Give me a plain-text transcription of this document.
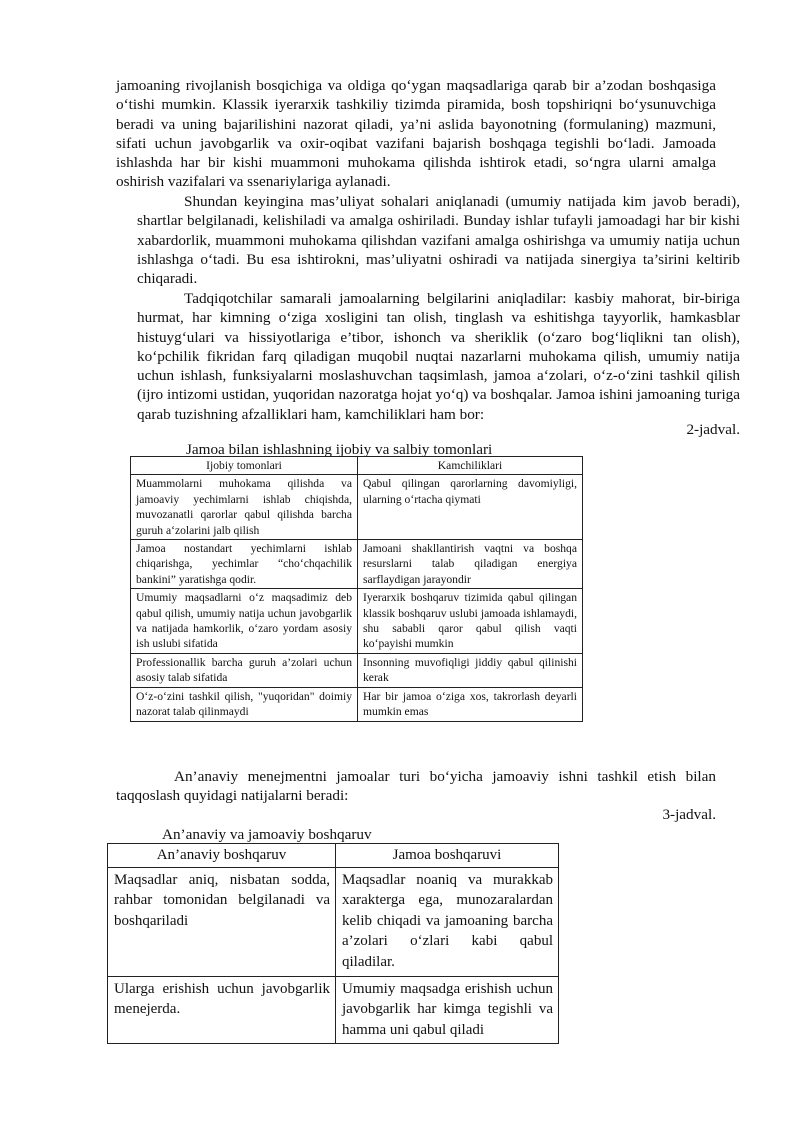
jamoaning rivojlanish bosqichiga va oldiga qo‘ygan maqsadlariga qarab bir a’zodan boshqasiga o‘tishi mumkin. Klassik iyerarxik tashkiliy tizimda piramida, bosh topshiriqni bo‘ysunuvchiga beradi va uning bajarilishini nazorat qiladi, ya’ni aslida bayonotning (formulaning) mazmuni, sifati uchun javobgarlik va oxir-oqibat vazifani bajarish boshqaga tegishli bo‘ladi. Jamoada ishlashda har bir kishi muammoni muhokama qilishda ishtirok etadi, so‘ngra ularni amalga oshirish vazifalari va ssenariylariga aylanadi.

Shundan keyingina mas’uliyat sohalari aniqlanadi (umumiy natijada kim javob beradi), shartlar belgilanadi, kelishiladi va amalga oshiriladi. Bunday ishlar tufayli jamoadagi har bir kishi xabardorlik, muammoni muhokama qilishdan vazifani amalga oshirishga va umumiy natija uchun ishlashga o‘tadi. Bu esa ishtirokni, mas’uliyatni oshiradi va natijada sinergiya ta’sirini keltirib chiqaradi.

Tadqiqotchilar samarali jamoalarning belgilarini aniqladilar: kasbiy mahorat, bir-biriga hurmat, har kimning o‘ziga xosligini tan olish, tinglash va eshitishga tayyorlik, hamkasblar histuyg‘ulari va hissiyotlariga e’tibor, ishonch va sheriklik (o‘zaro bog‘liqlikni tan olish), ko‘pchilik fikridan farq qiladigan muqobil nuqtai nazarlarni muhokama qilish, umumiy natija uchun ishlash, funksiyalarni moslashuvchan taqsimlash, jamoa a‘zolari, o‘z-o‘zini tashkil qilish (ijro intizomi ustidan, yuqoridan nazoratga hojat yo‘q) va boshqalar. Jamoa ishini jamoaning turiga qarab tuzishning afzalliklari ham, kamchiliklari ham bor:

2-jadval.
Jamoa bilan ishlashning ijobiy va salbiy tomonlari
Ijobiy tomonlari	Kamchiliklari
Muammolarni muhokama qilishda va jamoaviy yechimlarni ishlab chiqishda, muvozanatli qarorlar qabul qilishda barcha guruh a‘zolarini jalb qilish	Qabul qilingan qarorlarning davomiyligi, ularning o‘rtacha qiymati
Jamoa nostandart yechimlarni ishlab chiqarishga, yechimlar “cho‘chqachilik bankini” yaratishga qodir.	Jamoani shakllantirish vaqtni va boshqa resurslarni talab qiladigan energiya sarflaydigan jarayondir
Umumiy maqsadlarni o‘z maqsadimiz deb qabul qilish, umumiy natija uchun javobgarlik va natijada hamkorlik, o‘zaro yordam asosiy ish uslubi sifatida	Iyerarxik boshqaruv tizimida qabul qilingan klassik boshqaruv uslubi jamoada ishlamaydi, shu sababli qaror qabul qilish vaqti ko‘payishi mumkin
Professionallik barcha guruh a’zolari uchun asosiy talab sifatida	Insonning muvofiqligi jiddiy qabul qilinishi kerak
O‘z-o‘zini tashkil qilish, "yuqoridan" doimiy nazorat talab qilinmaydi	Har bir jamoa o‘ziga xos, takrorlash deyarli mumkin emas

An’anaviy menejmentni jamoalar turi bo‘yicha jamoaviy ishni tashkil etish bilan taqqoslash quyidagi natijalarni beradi:

3-jadval.
An’anaviy va jamoaviy boshqaruv
An’anaviy boshqaruv	Jamoa boshqaruvi
Maqsadlar aniq, nisbatan sodda, rahbar tomonidan belgilanadi va boshqariladi	Maqsadlar noaniq va murakkab xarakterga ega, munozaralardan kelib chiqadi va jamoaning barcha a’zolari o‘zlari kabi qabul qiladilar.
Ularga erishish uchun javobgarlik menejerda.	Umumiy maqsadga erishish uchun javobgarlik har kimga tegishli va hamma uni qabul qiladi
